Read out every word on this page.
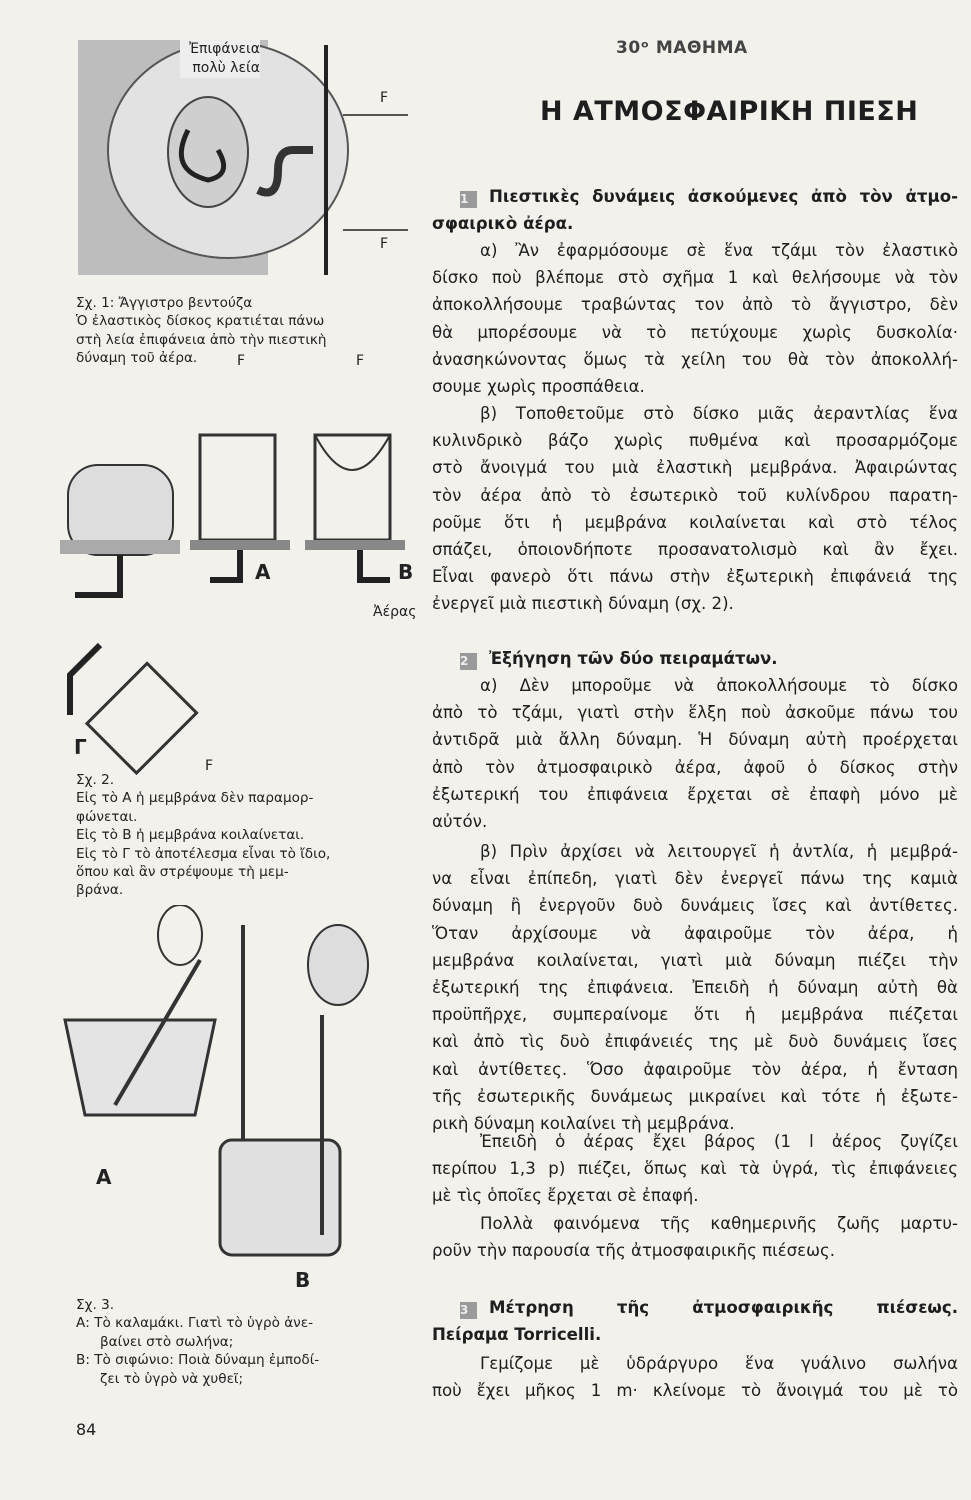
30ᵒ ΜΑΘΗΜΑ
Η ΑΤΜΟΣΦΑΙΡΙΚΗ ΠΙΕΣΗ
1 Πιεστικὲς δυνάμεις ἀσκούμενες ἀπὸ τὸν ἀτμο-
σφαιρικὸ ἀέρα.
α) Ἂν ἐφαρμόσουμε σὲ ἕνα τζάμι τὸν ἐλαστικὸ
δίσκο ποὺ βλέπομε στὸ σχῆμα 1 καὶ θελήσουμε νὰ τὸν
ἀποκολλήσουμε τραβώντας τον ἀπὸ τὸ ἄγγιστρο, δὲν
θὰ μπορέσουμε νὰ τὸ πετύχουμε χωρὶς δυσκολία·
ἀνασηκώνοντας ὅμως τὰ χείλη του θὰ τὸν ἀποκολλή-
σουμε χωρὶς προσπάθεια.
β) Τοποθετοῦμε στὸ δίσκο μιᾶς ἀεραντλίας ἕνα
κυλινδρικὸ βάζο χωρὶς πυθμένα καὶ προσαρμόζομε
στὸ ἄνοιγμά του μιὰ ἐλαστικὴ μεμβράνα. Ἀφαιρώντας
τὸν ἀέρα ἀπὸ τὸ ἐσωτερικὸ τοῦ κυλίνδρου παρατη-
ροῦμε ὅτι ἡ μεμβράνα κοιλαίνεται καὶ στὸ τέλος
σπάζει, ὁποιονδήποτε προσανατολισμὸ καὶ ἂν ἔχει.
Εἶναι φανερὸ ὅτι πάνω στὴν ἐξωτερικὴ ἐπιφάνειά της
ἐνεργεῖ μιὰ πιεστικὴ δύναμη (σχ. 2).
2 Ἐξήγηση τῶν δύο πειραμάτων.
α) Δὲν μποροῦμε νὰ ἀποκολλήσουμε τὸ δίσκο
ἀπὸ τὸ τζάμι, γιατὶ στὴν ἕλξη ποὺ ἀσκοῦμε πάνω του
ἀντιδρᾶ μιὰ ἄλλη δύναμη. Ἡ δύναμη αὐτὴ προέρχεται
ἀπὸ τὸν ἀτμοσφαιρικὸ ἀέρα, ἀφοῦ ὁ δίσκος στὴν
ἐξωτερική του ἐπιφάνεια ἔρχεται σὲ ἐπαφὴ μόνο μὲ
αὐτόν.
β) Πρὶν ἀρχίσει νὰ λειτουργεῖ ἡ ἀντλία, ἡ μεμβρά-
να εἶναι ἐπίπεδη, γιατὶ δὲν ἐνεργεῖ πάνω της καμιὰ
δύναμη ἢ ἐνεργοῦν δυὸ δυνάμεις ἴσες καὶ ἀντίθετες.
Ὅταν ἀρχίσουμε νὰ ἀφαιροῦμε τὸν ἀέρα, ἡ
μεμβράνα κοιλαίνεται, γιατὶ μιὰ δύναμη πιέζει τὴν
ἐξωτερική της ἐπιφάνεια. Ἐπειδὴ ἡ δύναμη αὐτὴ θὰ
προϋπῆρχε, συμπεραίνομε ὅτι ἡ μεμβράνα πιέζεται
καὶ ἀπὸ τὶς δυὸ ἐπιφάνειές της μὲ δυὸ δυνάμεις ἴσες
καὶ ἀντίθετες. Ὅσο ἀφαιροῦμε τὸν ἀέρα, ἡ ἔνταση
τῆς ἐσωτερικῆς δυνάμεως μικραίνει καὶ τότε ἡ ἐξωτε-
ρικὴ δύναμη κοιλαίνει τὴ μεμβράνα.
Ἐπειδὴ ὁ ἀέρας ἔχει βάρος (1 l ἀέρος ζυγίζει
περίπου 1,3 p) πιέζει, ὅπως καὶ τὰ ὑγρά, τὶς ἐπιφάνειες
μὲ τὶς ὁποῖες ἔρχεται σὲ ἐπαφή.
Πολλὰ φαινόμενα τῆς καθημερινῆς ζωῆς μαρτυ-
ροῦν τὴν παρουσία τῆς ἀτμοσφαιρικῆς πιέσεως.
3 Μέτρηση τῆς ἀτμοσφαιρικῆς πιέσεως.
Πείραμα Torricelli.
Γεμίζομε μὲ ὑδράργυρο ἕνα γυάλινο σωλήνα
ποὺ ἔχει μῆκος 1 m· κλείνομε τὸ ἄνοιγμά του μὲ τὸ
Ἐπιφάνεια πολὺ λεία
F
F
Σχ. 1: Ἄγγιστρο βεντούζα
Ὁ ἐλαστικὸς δίσκος κρατιέται πάνω
στὴ λεία ἐπιφάνεια ἀπὸ τὴν πιεστικὴ
δύναμη τοῦ ἀέρα.	F	F
A	B
Ἀέρας
Γ
F
Σχ. 2.
Εἰς τὸ Α ἡ μεμβράνα δὲν παραμορ-
φώνεται.
Εἰς τὸ Β ἡ μεμβράνα κοιλαίνεται.
Εἰς τὸ Γ τὸ ἀποτέλεσμα εἶναι τὸ ἴδιο,
ὅπου καὶ ἂν στρέψουμε τὴ μεμ-
βράνα.
A
B
Σχ. 3.
Α: Τὸ καλαμάκι. Γιατὶ τὸ ὑγρὸ ἀνε-
βαίνει στὸ σωλήνα;
Β: Τὸ σιφώνιο: Ποιὰ δύναμη ἐμποδί-
ζει τὸ ὑγρὸ νὰ χυθεῖ;
84
